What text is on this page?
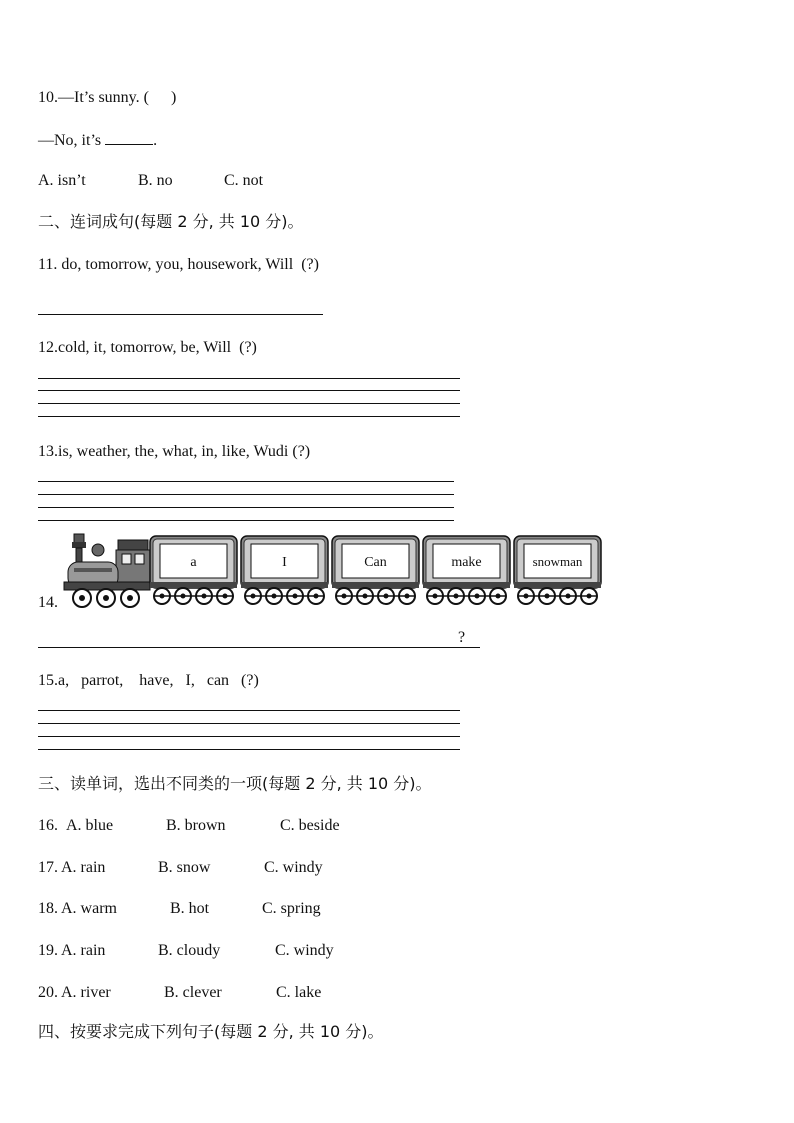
10.—It’s sunny. ( )
—No, it’s	.
A. isn’t	B. no	C. not
二、连词成句(每题 2 分, 共 10 分)。
11. do, tomorrow, you, housework, Will  (?)
12.cold, it, tomorrow, be, Will  (?)
13.is, weather, the, what, in, like, Wudi (?)
14.
a	I	Can	make	snowman
?
15.a,   parrot,    have,   I,   can   (?)
三、读单词，选出不同类的一项(每题 2 分, 共 10 分)。
16. A. blue	B. brown	C. beside
17. A. rain	B. snow	C. windy
18. A. warm	B. hot	C. spring
19. A. rain	B. cloudy	C. windy
20. A. river	B. clever	C. lake
四、按要求完成下列句子(每题 2 分, 共 10 分)。
